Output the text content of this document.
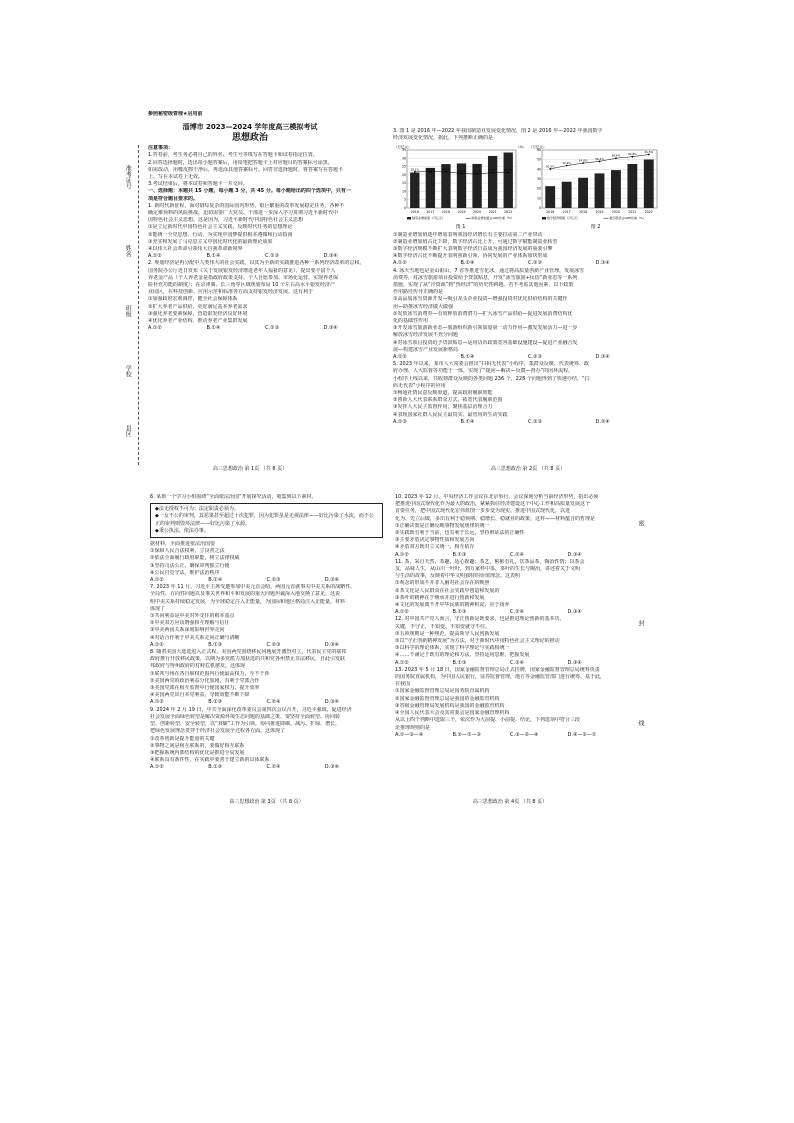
参照秘密级管理★启用前
淄博市 2023—2024 学年度高三模拟考试
思想政治
注意事项：
1.答卷前，考生务必将自己的姓名、考生号等填写在答题卡和试卷指定位置。
2.回答选择题时，选出每小题答案后，用铅笔把答题卡上对应题目的答案标号涂黑。
如需改动，用橡皮擦干净后，再选涂其他答案标号。回答非选择题时，将答案写在答题卡
上。写在本试卷上无效。
3.考试结束后，将本试卷和答题卡一并交回。
一、选择题：本题共 15 小题，每小题 3 分，共 45 分。每小题给出的四个选项中，只有一
项是符合题目要求的。
1. 新时代新征程，面对错综复杂的国际国内形势，艰巨繁重的改革发展稳定任务，各种不
确定难预料的风险挑战，迫切需要广大党员、干部进一步深入学习贯彻习近平新时代中
国特色社会主义思想。这是因为，习近平新时代中国特色社会主义思想
①是立足新时代中国特色社会主义实践，反映时代任务的思想理论
②能统一全党思想、行动，为实现中国梦提供根本遵循和行动指南
③充实和发展了马克思主义中国化时代化的最新理论成果
④以伟大社会革命引领伟大自我革命新境界
A.①②	B.①④	C.②③	D.③④
2. 规划经济是再分配中人类伟大的社会实践，以其为全新的实践推进各种一系列经济改革的总和。
国务院办公厅近日发布《关于发展银发经济增进老年人福祉的意见》，提出要丰富个人
养老金产品（个人养老金是指政府政策支持、个人自愿参加、市场化运营、实现养老保
险补充功能的制度）；在京津冀、长三角等区域规划布局 10 个左右高水平银发经济产
业园区，在科技创新、应用示范和标准等方面支持银发经济发展。这有利于
①加强政府宏观调控，健全社会保障体系
②扩大养老产品供给，更好满足基本养老需求
③强化养老要素保障，营造银发经济良好环境
④优化养老产业结构，推动养老产业集群发展
A.①②	B.①④	C.②③	D.③④
准考证号
姓名
班级
学校
县区
高三思想政治 第 1页 （共 8 页）
3. 图 1 是 2016 年—2022 年我国制造业发展变化情况，图 2 是 2016 年—2022 年我国数字
经济发展变化情况，据此，下列推断正确的是
（万亿元）	（%）
0
5
10
15
20
25
30
35
2016
28.1%
2017
28.1%
2018
28.1%
2019
26.8%
2020
26.3%
2021
27.5%
2022
27.7%
制造业增加值（万亿元）	制造业增加值占GDP比重（%）
（万亿元）
0
10
20
30
40
50
60
2016
30.3%
2017
32.9%
2018
34.8%
2019
36.2%
2020
38.6%
2021
39.8%
2022
41.5%
数字经济规模（万亿元）	数字经济占GDP比重（%）
图 1	图 2
①制造业增加值逐年增加表明我国经济增长有主要拉动第二产业带动
②制造业增加值占比下降，数字经济占比上升，可通过数字赋能制造业转型
③数字经济规模不断扩大表明数字经济日益成为我国经济发展的重要引擎
④数字经济占比不断提升表明创新引领，协同发展的产业体系加快形成
A.①②	B.①④	C.②③	D.③④
4. 冰天雪地也是金山银山，7 省等推进雪化冰，通过将高质量创新产业管理，发展冰雪
消费券，对冰雪旅游项目投资给予贷款贴息，开发“冰雪旅游+民俗”新业态等一系列
措施，实现了从“冷资源”到“热经济”的历史性跨越。若不考虑其他因素，以下政策
作用路径传导正确的是
①高品质冰雪资源开发—吸引龙头企业投资—增强投资对优化供给结构的关键作
用—助推冰雪经济做大做强
②发放冰雪消费券—有效释放消费潜力—扩大冰雪产品供给—促进发展消费结构优
化的基础性作用
③开发冰雪旅游新业态—旅游组织新引领质量第一动力作用—激发发展活力—进一步
解放冰雪经济发展不充分问题
④对冰雪项目投资给予贷款贴息—运用货币政策宽容基础设施建设—促进产业融合发
展—构建冰雪产业发展新格局
A.①②	B.①④	C.②③	D.③④
5. 2023 年以来，某市人大常委会推出“扫码无代表”小程序，集群众反映、代表统筹、政
府办理、人大监督等功能于一体，实现了“提问—解决—反馈—督办”的闭环流程。
小程序上线以来，共收到群众反映的各类问题 236 个，228 个问题得到了快速办结。“扫
码无代表”小程序的应用
①畅通社情民意反映渠道，提高政府履职效能
②创新人大代表联系群众方式，拓宽代表履职范围
③发挥人大民主监督作用，聚焦基层治理合力
④表现国家社群人民民主最真实、最管用的生动实践
A.①③	B.①④	C.②③	D.②④
高三思想政治 第 2页 （共 8 页）
6. 某班一个学习小组围绕“全面依法治国”开展探究活动，收集到以下素材。
◆法无授权不可为；法定职责必须为。
◆一女不公的审判，其恶果甚至超过十次犯罪，因为犯罪虽是无视法律——好比污染了水流，而不公正的审判则毁坏法律——好比污染了水源。
◆秉公执法、依法办事。
据材料，全面推进依法治国要
①保障人民合法权利，立良善之法
②依法全面履行政府职能，树立法律权威
③坚持司法公正，确保审判独立行使
④公民自觉守法，维护法治秩序
A.①②	B.①④	C.②③	D.③④
7. 2023 年 11 月，习近平主席受邀参加中美元首会晤。两国元首就事关中美关系的战略性、
全局性、方向性问题以及事关世界和平和发展的重大问题坦诚深入地交换了意见。这说
明中美关系持续稳定发展，为全球稳定注入正能量，为国际和地区格局注入正能量。材料
体现了
①共同利益是中美对外交往的根本基点
②中美双方应该增强相互理解与信任
③中美两国关系深刻影响世界走向
④对话合作利于中美关系走向正确与清晰
A.①②	B.①③	C.②③	D.③④
8. 随着美国大选选进入正式程，美国两党围绕移民问题展开激烈对立，代表民主党的联邦
政府推行开放移民政策，以期为多党派力加获选的共和党各州禁止非法移民，自此引发联
邦政府与得州政府的对峙危机愈发。这体现
①联邦与州在各自职权范围内行使最高权力，互不干涉
②美国两党的政治利益分化加剧，有利于党派合作
③美国党派在相互监督中行使国家权力，提升效率
④美国两党出自本党利益，导致效能不断下降
A.①②	B.①③	C.②④	D.③④
9. 2024 年 2 月 19 日，中共全面深化改革委员会第四次会议召开，习近平强调，促进经济
社会发展全面绿色转型是解决资源环境生态问题的基础之策。要坚持全面转型、协同转
型、创新转型、安全转型，以“双碳”工作为引领，协同推进降碳、减污、扩绿、增长，
把绿色发展理念贯穿于经济社会发展全过程各方面。这体现了
①改革创新是提升能量的关键
②事物之间是相互联系的，要做好相互联系
③把握系统内部结构的优化是推进全局发展
④联系具有条件性，在实践中要善于建立新的具体联系
A.①②	B.①③	C.②④	D.③④
高三思想政治 第 3页 （共 8 页）
10. 2023 年 12 月，中央经济工作会议在北京举行，会议深刻分析当前经济形势，指出必须
把推进中国式现代化作为最大的政治，紧紧抓住经济建设这个中心工作和高质量发展这个
首要任务，把中国式现代化宏伟蓝图一步步变为现实。推进中国式现代化，以进
化为、先立后破，多出有利于稳预期、稳增长、稳就业的政策，这样——材料蕴含的哲理是
①正确决策是正确反映事物发展规律的统一
②实践既有利于当前，也有利于长远，坚持辩证法的正确性
③主要矛盾决定事物性质和发展方向
④矛盾双方既对立又统一，相互依存
A.①②	B.①③	C.②④	D.③④
11. 茶，采自天然，茶趣，适心娱趣；茶艺，彬彬有礼，饮茶品茶，陶冶性情；以茶会
友，品味人生，从山川一叶叶，到万家杯中茶，茶叶的生长与陶冶，讲述着关于文明
与生活的故事，反映着中华文明独特的价值理念。这表明
①观念的形成不并非人脑对社会存在的映照
②茶文化是人民群众在社会实践中创造和发展的
③茶叶的精神在于继承并进行创新和发展
④文化的发展离不开中华民族的精神积淀，应于扬弃
A.①②	B.①③	C.②④	D.③④
12. 对中国共产党人而言，守正创新是既要求，也是推进理论创新的基本功。
关键，不守正，不知变。不知变就守不住。
①五项规则是一种规范，提高领导人民创新发展
②以“守正创新精神发展”为方法，对于新时代中国特色社会主义理论的推动
③以科学的理论体系，实现了科学理论与实践相统一
④……不满足于既有的理论和方法，坚持运用思维，把握发展
A.①②	B.①③	C.②④	D.③④
13. 2023 年 5 月 18 日，国家金融监督管理总局正式挂牌，国家金融监督管理总局统筹负责
的国务院直属机构，为中国人民银行，证券监督管理，地方等金融监管部门进行统筹。基于此，
在我国
①国家金融监督管理总局是国务院直属机构
②国家金融监督管理总局是我国的金融监管机构
③省级金融管理局发展机构是我国的金融监管机构
④全国人民代表大会及其常委会是国家金融管理机构
从以上四个判断中选取三个，依次作为大前提、小前提、结论，下列选项中符合三段
论推理规则的是
A.①—③—④	B.②—①—③	C.③—②—④	D.④—②—①
高三思想政治 第 4页 （共 8 页）
密
封
线
